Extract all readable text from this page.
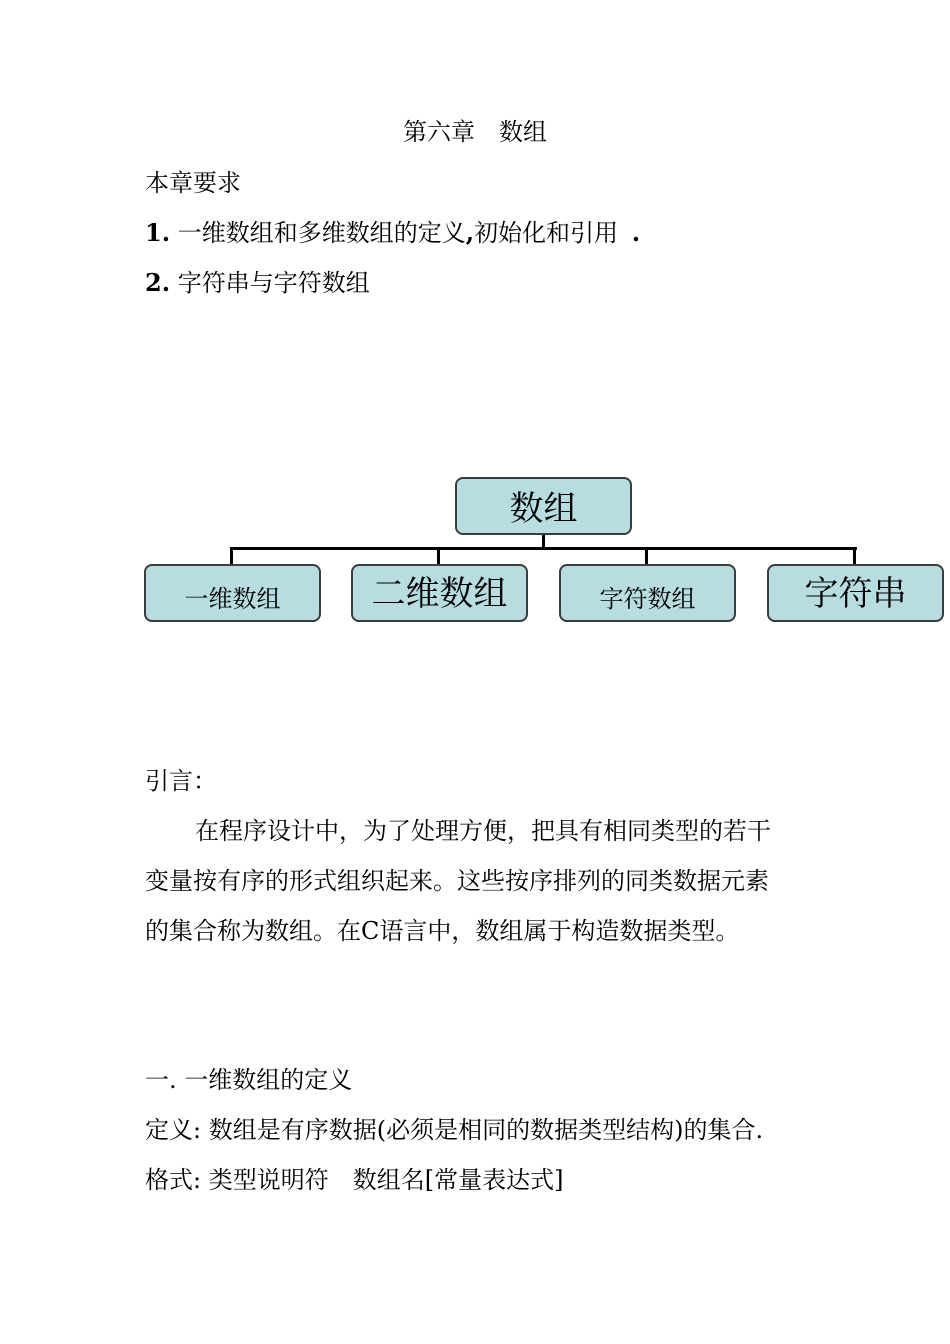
第六章　数组
本章要求
1. 一维数组和多维数组的定义,初始化和引用 .
2. 字符串与字符数组
数组
一维数组	二维数组	字符数组	字符串
引言：
在程序设计中，为了处理方便，把具有相同类型的若干
变量按有序的形式组织起来。这些按序排列的同类数据元素
的集合称为数组。在C语言中，数组属于构造数据类型。
一. 一维数组的定义
定义: 数组是有序数据(必须是相同的数据类型结构)的集合.
格式: 类型说明符　数组名[常量表达式]
